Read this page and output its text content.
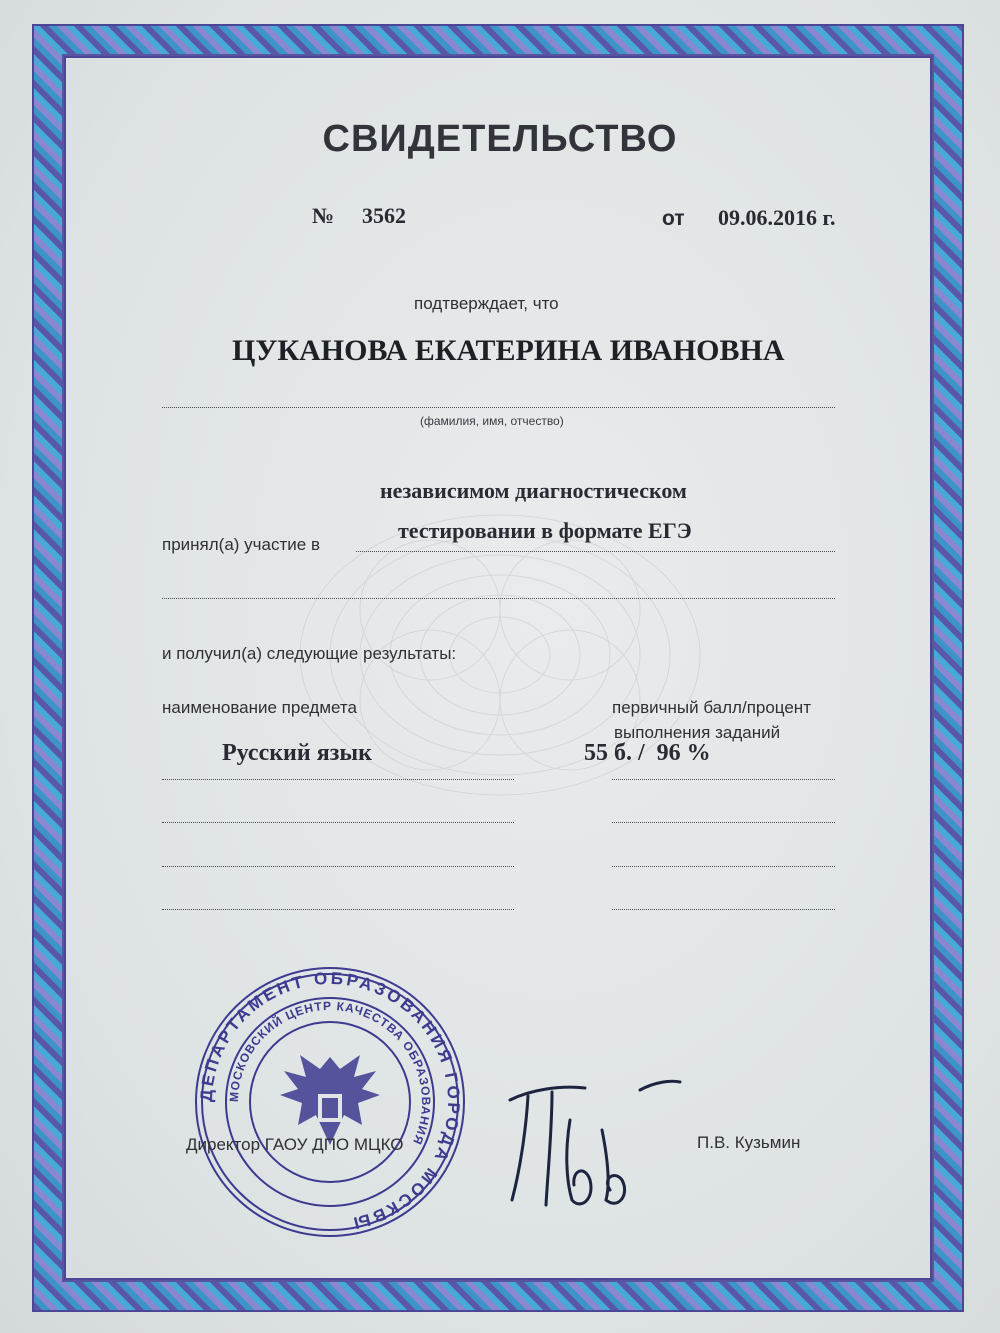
СВИДЕТЕЛЬСТВО
№ 3562	от 09.06.2016 г.
подтверждает, что
ЦУКАНОВА ЕКАТЕРИНА ИВАНОВНА
(фамилия, имя, отчество)
независимом диагностическом
тестировании в формате ЕГЭ
принял(а) участие в
и получил(а) следующие результаты:
наименование предмета	первичный балл/процент
выполнения заданий
Русский язык	55 б. /  96 %
ДЕПАРТАМЕНТ ОБРАЗОВАНИЯ ГОРОДА МОСКВЫ
МОСКОВСКИЙ ЦЕНТР КАЧЕСТВА ОБРАЗОВАНИЯ
Директор ГАОУ ДПО МЦКО	П.В. Кузьмин
